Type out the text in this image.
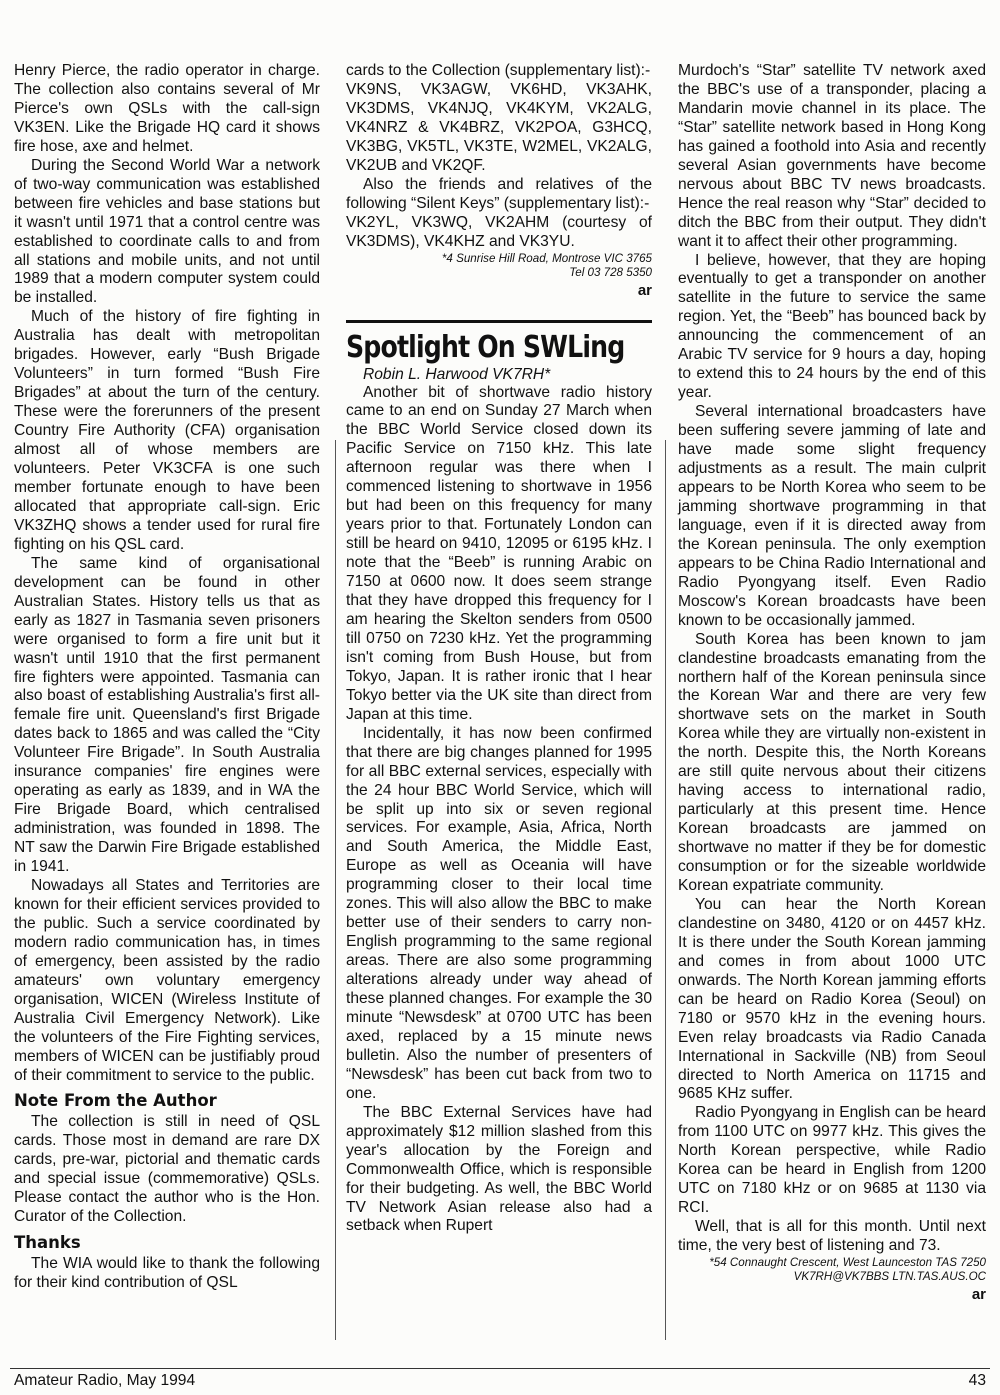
Henry Pierce, the radio operator in charge. The collection also contains several of Mr Pierce's own QSLs with the call-sign VK3EN. Like the Brigade HQ card it shows fire hose, axe and helmet.

During the Second World War a network of two-way communication was established between fire vehicles and base stations but it wasn't until 1971 that a control centre was established to coordinate calls to and from all stations and mobile units, and not until 1989 that a modern computer system could be installed.

Much of the history of fire fighting in Australia has dealt with metropolitan brigades. However, early “Bush Brigade Volunteers” in turn formed “Bush Fire Brigades” at about the turn of the century. These were the forerunners of the present Country Fire Authority (CFA) organisation almost all of whose members are volunteers. Peter VK3CFA is one such member fortunate enough to have been allocated that appropriate call-sign. Eric VK3ZHQ shows a tender used for rural fire fighting on his QSL card.

The same kind of organisational development can be found in other Australian States. History tells us that as early as 1827 in Tasmania seven prisoners were organised to form a fire unit but it wasn't until 1910 that the first permanent fire fighters were appointed. Tasmania can also boast of establishing Australia's first all-female fire unit. Queensland's first Brigade dates back to 1865 and was called the “City Volunteer Fire Brigade”. In South Australia insurance companies' fire engines were operating as early as 1839, and in WA the Fire Brigade Board, which centralised administration, was founded in 1898. The NT saw the Darwin Fire Brigade established in 1941.

Nowadays all States and Territories are known for their efficient services provided to the public. Such a service coordinated by modern radio communication has, in times of emergency, been assisted by the radio amateurs' own voluntary emergency organisation, WICEN (Wireless Institute of Australia Civil Emergency Network). Like the volunteers of the Fire Fighting services, members of WICEN can be justifiably proud of their commitment to service to the public.

Note From the Author

The collection is still in need of QSL cards. Those most in demand are rare DX cards, pre-war, pictorial and thematic cards and special issue (commemorative) QSLs. Please contact the author who is the Hon. Curator of the Collection.

Thanks

The WIA would like to thank the following for their kind contribution of QSL

cards to the Collection (supplementary list):-

VK9NS, VK3AGW, VK6HD, VK3AHK, VK3DMS, VK4NJQ, VK4KYM, VK2ALG, VK4NRZ & VK4BRZ, VK2POA, G3HCQ, VK3BG, VK5TL, VK3TE, W2MEL, VK2ALG, VK2UB and VK2QF.

Also the friends and relatives of the following “Silent Keys” (supplementary list):-

VK2YL, VK3WQ, VK2AHM (courtesy of VK3DMS), VK4KHZ and VK3YU.

*4 Sunrise Hill Road, Montrose VIC 3765

Tel 03 728 5350

ar
Spotlight On SWLing

Robin L. Harwood VK7RH*

Another bit of shortwave radio history came to an end on Sunday 27 March when the BBC World Service closed down its Pacific Service on 7150 kHz. This late afternoon regular was there when I commenced listening to shortwave in 1956 but had been on this frequency for many years prior to that. Fortunately London can still be heard on 9410, 12095 or 6195 kHz. I note that the “Beeb” is running Arabic on 7150 at 0600 now. It does seem strange that they have dropped this frequency for I am hearing the Skelton senders from 0500 till 0750 on 7230 kHz. Yet the programming isn't coming from Bush House, but from Tokyo, Japan. It is rather ironic that I hear Tokyo better via the UK site than direct from Japan at this time.

Incidentally, it has now been confirmed that there are big changes planned for 1995 for all BBC external services, especially with the 24 hour BBC World Service, which will be split up into six or seven regional services. For example, Asia, Africa, North and South America, the Middle East, Europe as well as Oceania will have programming closer to their local time zones. This will also allow the BBC to make better use of their senders to carry non-English programming to the same regional areas. There are also some programming alterations already under way ahead of these planned changes. For example the 30 minute “Newsdesk” at 0700 UTC has been axed, replaced by a 15 minute news bulletin. Also the number of presenters of “Newsdesk” has been cut back from two to one.

The BBC External Services have had approximately $12 million slashed from this year's allocation by the Foreign and Commonwealth Office, which is responsible for their budgeting. As well, the BBC World TV Network Asian release also had a setback when Rupert

Murdoch's “Star” satellite TV network axed the BBC's use of a transponder, placing a Mandarin movie channel in its place. The “Star” satellite network based in Hong Kong has gained a foothold into Asia and recently several Asian governments have become nervous about BBC TV news broadcasts. Hence the real reason why “Star” decided to ditch the BBC from their output. They didn't want it to affect their other programming.

I believe, however, that they are hoping eventually to get a transponder on another satellite in the future to service the same region. Yet, the “Beeb” has bounced back by announcing the commencement of an Arabic TV service for 9 hours a day, hoping to extend this to 24 hours by the end of this year.

Several international broadcasters have been suffering severe jamming of late and have made some slight frequency adjustments as a result. The main culprit appears to be North Korea who seem to be jamming shortwave programming in that language, even if it is directed away from the Korean peninsula. The only exemption appears to be China Radio International and Radio Pyongyang itself. Even Radio Moscow's Korean broadcasts have been known to be occasionally jammed.

South Korea has been known to jam clandestine broadcasts emanating from the northern half of the Korean peninsula since the Korean War and there are very few shortwave sets on the market in South Korea while they are virtually non-existent in the north. Despite this, the North Koreans are still quite nervous about their citizens having access to international radio, particularly at this present time. Hence Korean broadcasts are jammed on shortwave no matter if they be for domestic consumption or for the sizeable worldwide Korean expatriate community.

You can hear the North Korean clandestine on 3480, 4120 or on 4457 kHz. It is there under the South Korean jamming and comes in from about 1000 UTC onwards. The North Korean jamming efforts can be heard on Radio Korea (Seoul) on 7180 or 9570 kHz in the evening hours. Even relay broadcasts via Radio Canada International in Sackville (NB) from Seoul directed to North America on 11715 and 9685 KHz suffer.

Radio Pyongyang in English can be heard from 1100 UTC on 9977 kHz. This gives the North Korean perspective, while Radio Korea can be heard in English from 1200 UTC on 7180 kHz or on 9685 at 1130 via RCI.

Well, that is all for this month. Until next time, the very best of listening and 73.

*54 Connaught Crescent, West Launceston TAS 7250

VK7RH@VK7BBS LTN.TAS.AUS.OC

ar
Amateur Radio, May 1994	43
